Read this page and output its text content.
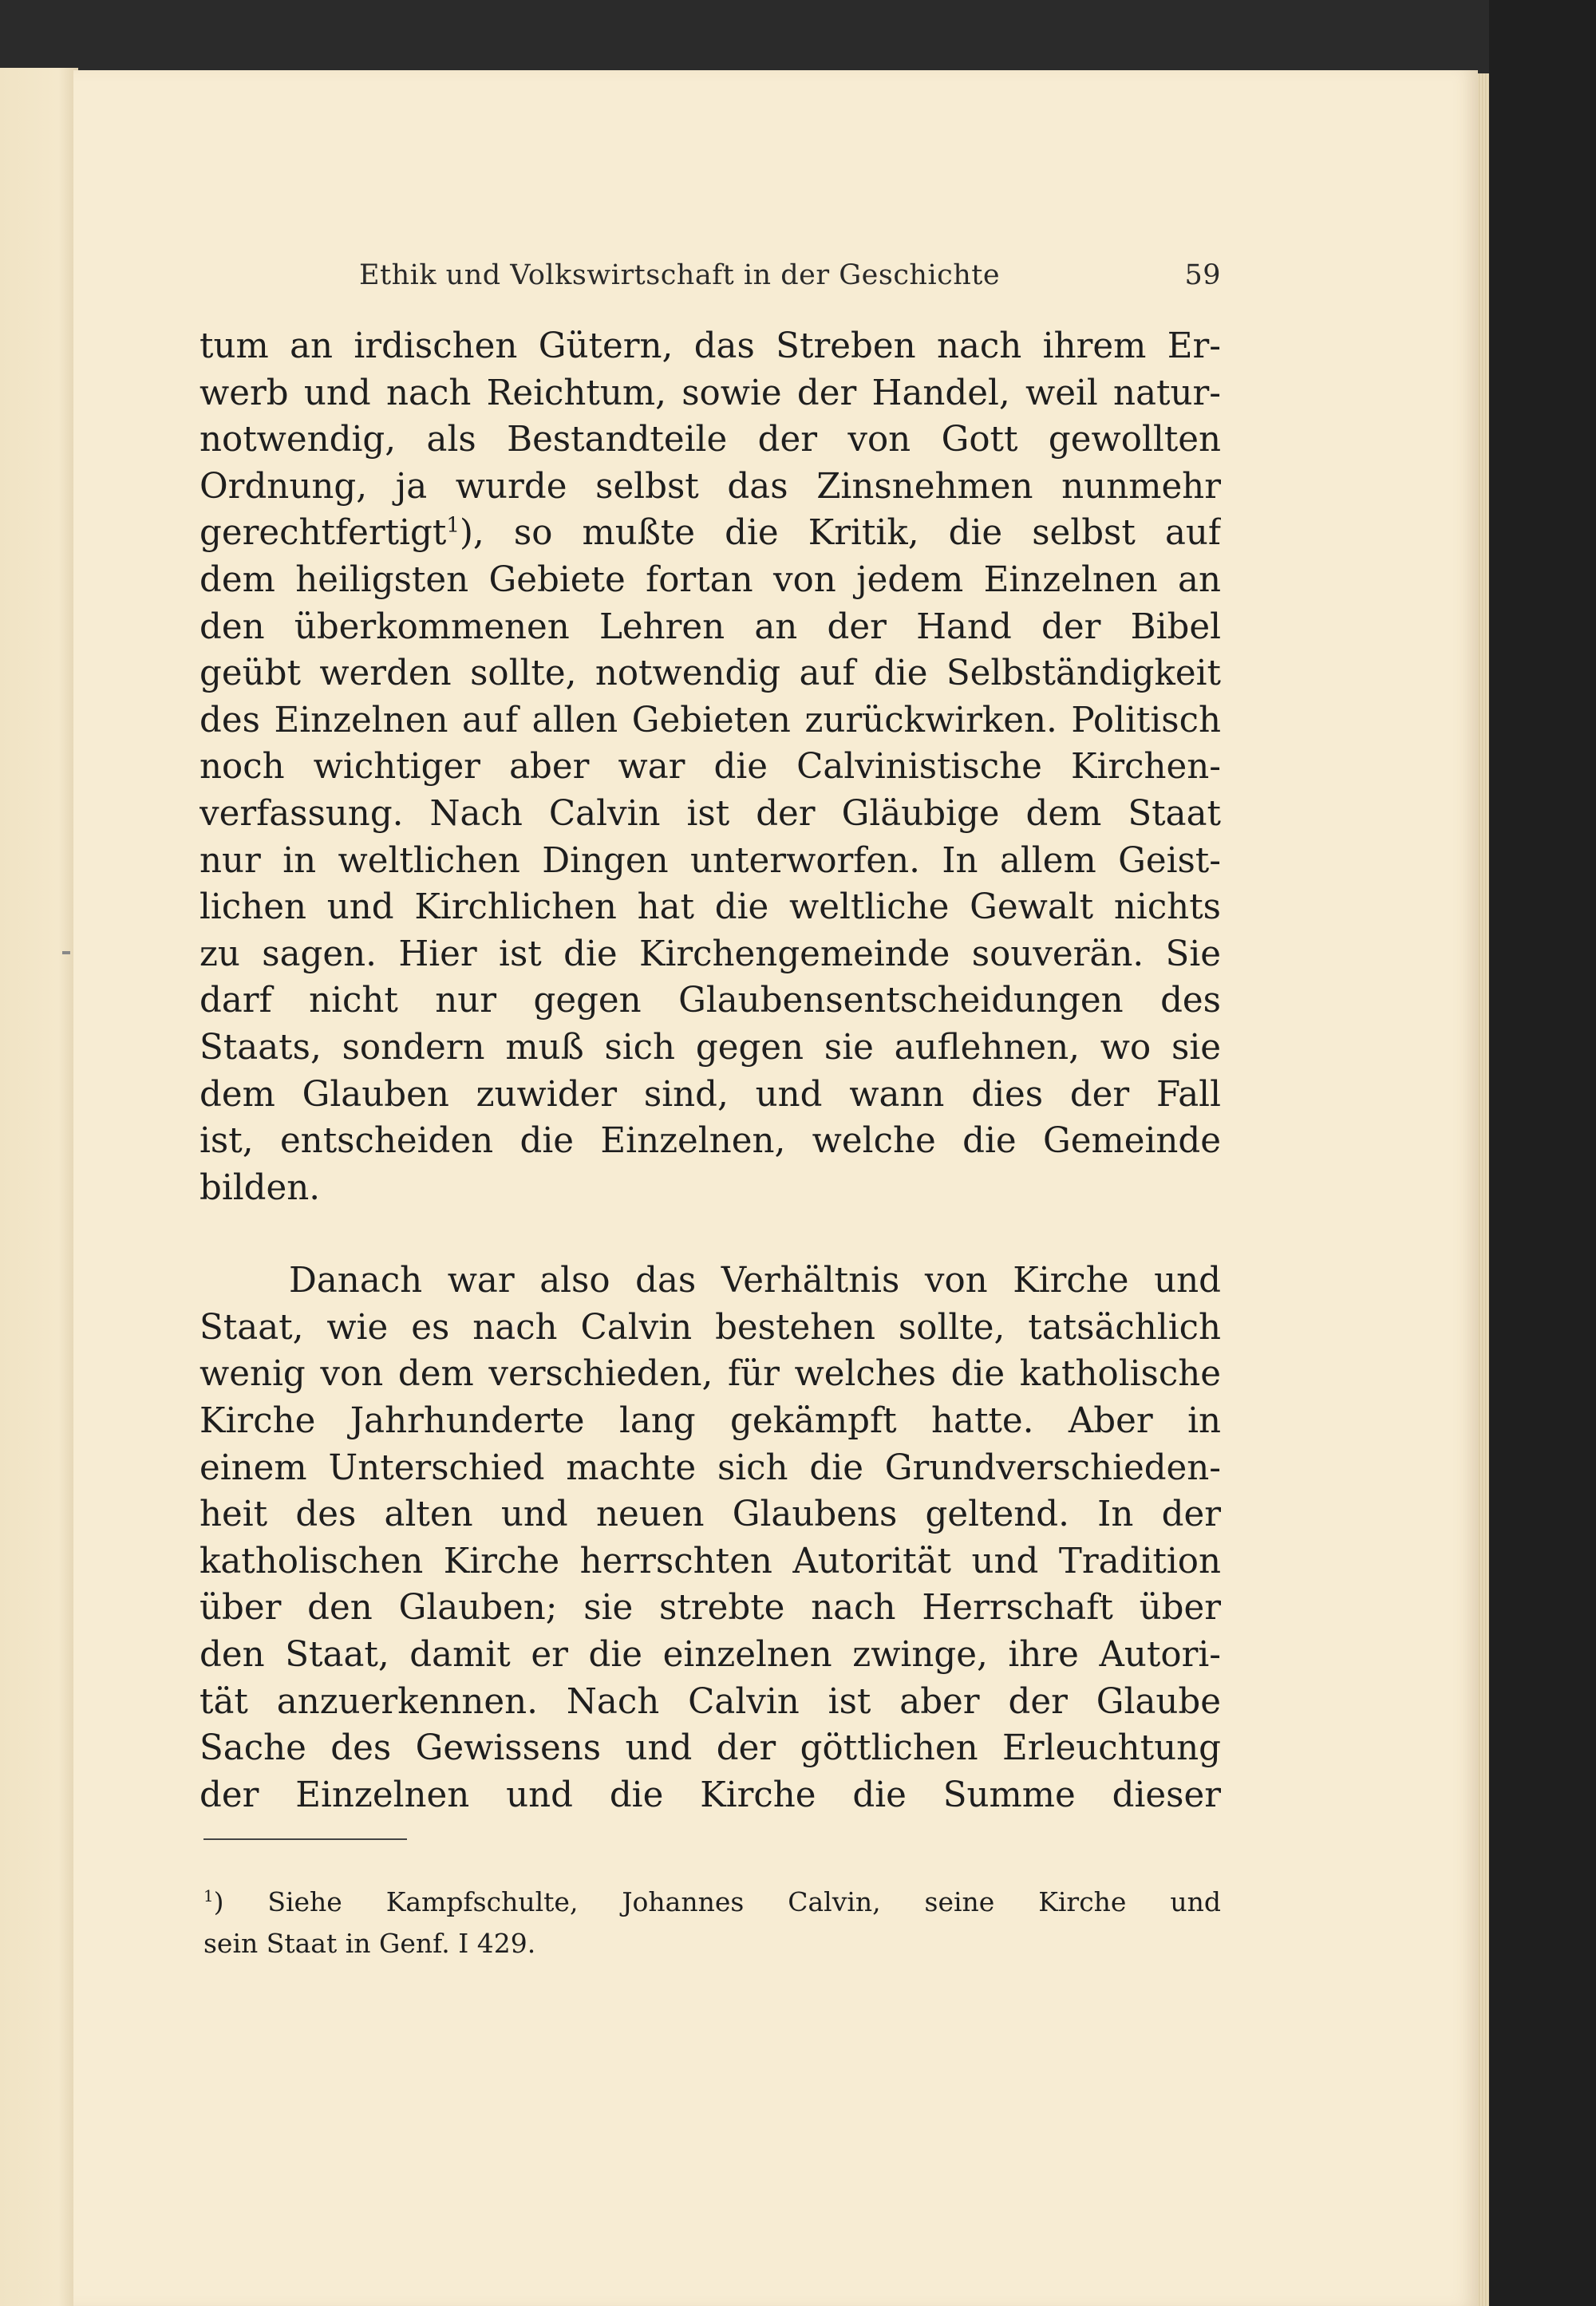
Ethik und Volkswirtschaft in der Geschichte	59
tum an irdischen Gütern, das Streben nach ihrem Er-
werb und nach Reichtum, sowie der Handel, weil natur-
notwendig, als Bestandteile der von Gott gewollten
Ordnung, ja wurde selbst das Zinsnehmen nunmehr
gerechtfertigt$^1$), so mußte die Kritik, die selbst auf
dem heiligsten Gebiete fortan von jedem Einzelnen an
den überkommenen Lehren an der Hand der Bibel
geübt werden sollte, notwendig auf die Selbständigkeit
des Einzelnen auf allen Gebieten zurückwirken. Politisch
noch wichtiger aber war die Calvinistische Kirchen-
verfassung. Nach Calvin ist der Gläubige dem Staat
nur in weltlichen Dingen unterworfen. In allem Geist-
lichen und Kirchlichen hat die weltliche Gewalt nichts
zu sagen. Hier ist die Kirchengemeinde souverän. Sie
darf nicht nur gegen Glaubensentscheidungen des
Staats, sondern muß sich gegen sie auflehnen, wo sie
dem Glauben zuwider sind, und wann dies der Fall
ist, entscheiden die Einzelnen, welche die Gemeinde
bilden.
Danach war also das Verhältnis von Kirche und
Staat, wie es nach Calvin bestehen sollte, tatsächlich
wenig von dem verschieden, für welches die katholische
Kirche Jahrhunderte lang gekämpft hatte. Aber in
einem Unterschied machte sich die Grundverschieden-
heit des alten und neuen Glaubens geltend. In der
katholischen Kirche herrschten Autorität und Tradition
über den Glauben; sie strebte nach Herrschaft über
den Staat, damit er die einzelnen zwinge, ihre Autori-
tät anzuerkennen. Nach Calvin ist aber der Glaube
Sache des Gewissens und der göttlichen Erleuchtung
der Einzelnen und die Kirche die Summe dieser
$^1$) Siehe Kampfschulte, Johannes Calvin, seine Kirche und
sein Staat in Genf. I 429.
